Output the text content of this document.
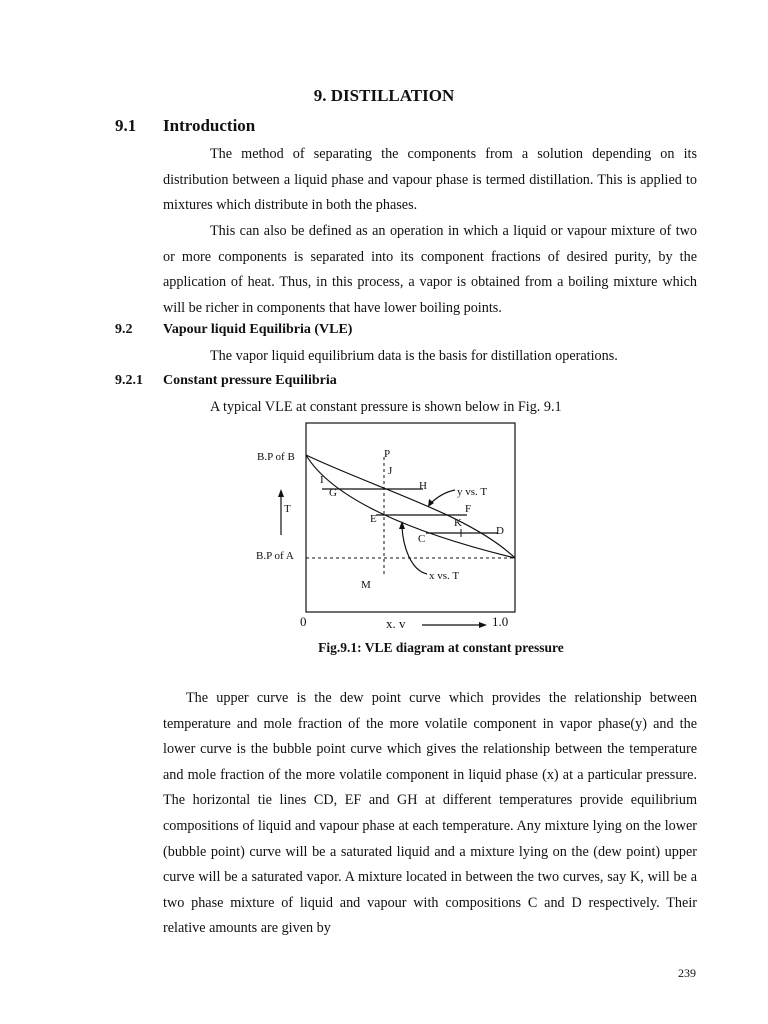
9. DISTILLATION
9.1 Introduction

The method of separating the components from a solution depending on its distribution between a liquid phase and vapour phase is termed distillation. This is applied to mixtures which distribute in both the phases.

This can also be defined as an operation in which a liquid or vapour mixture of two or more components is separated into its component fractions of desired purity, by the application of heat. Thus, in this process, a vapor is obtained from a boiling mixture which will be richer in components that have lower boiling points.

9.2 Vapour liquid Equilibria (VLE)

The vapor liquid equilibrium data is the basis for distillation operations.

9.2.1 Constant pressure Equilibria

A typical VLE at constant pressure is shown below in Fig. 9.1

B.P of B
B.P of A
T
0	x. v	1.0
y vs. T
x vs. T
P
J
I
G
H
F
E	K
D
C
M
Fig.9.1: VLE diagram at constant pressure

The upper curve is the dew point curve which provides the relationship between temperature and mole fraction of the more volatile component in vapor phase(y) and the lower curve is the bubble point curve which gives the relationship between the temperature and mole fraction of the more volatile component in liquid phase (x) at a particular pressure. The horizontal tie lines CD, EF and GH at different temperatures provide equilibrium compositions of liquid and vapour phase at each temperature. Any mixture lying on the lower (bubble point) curve will be a saturated liquid and a mixture lying on the (dew point) upper curve will be a saturated vapor. A mixture located in between the two curves, say K, will be a two phase mixture of liquid and vapour with compositions C and D respectively. Their relative amounts are given by

239
